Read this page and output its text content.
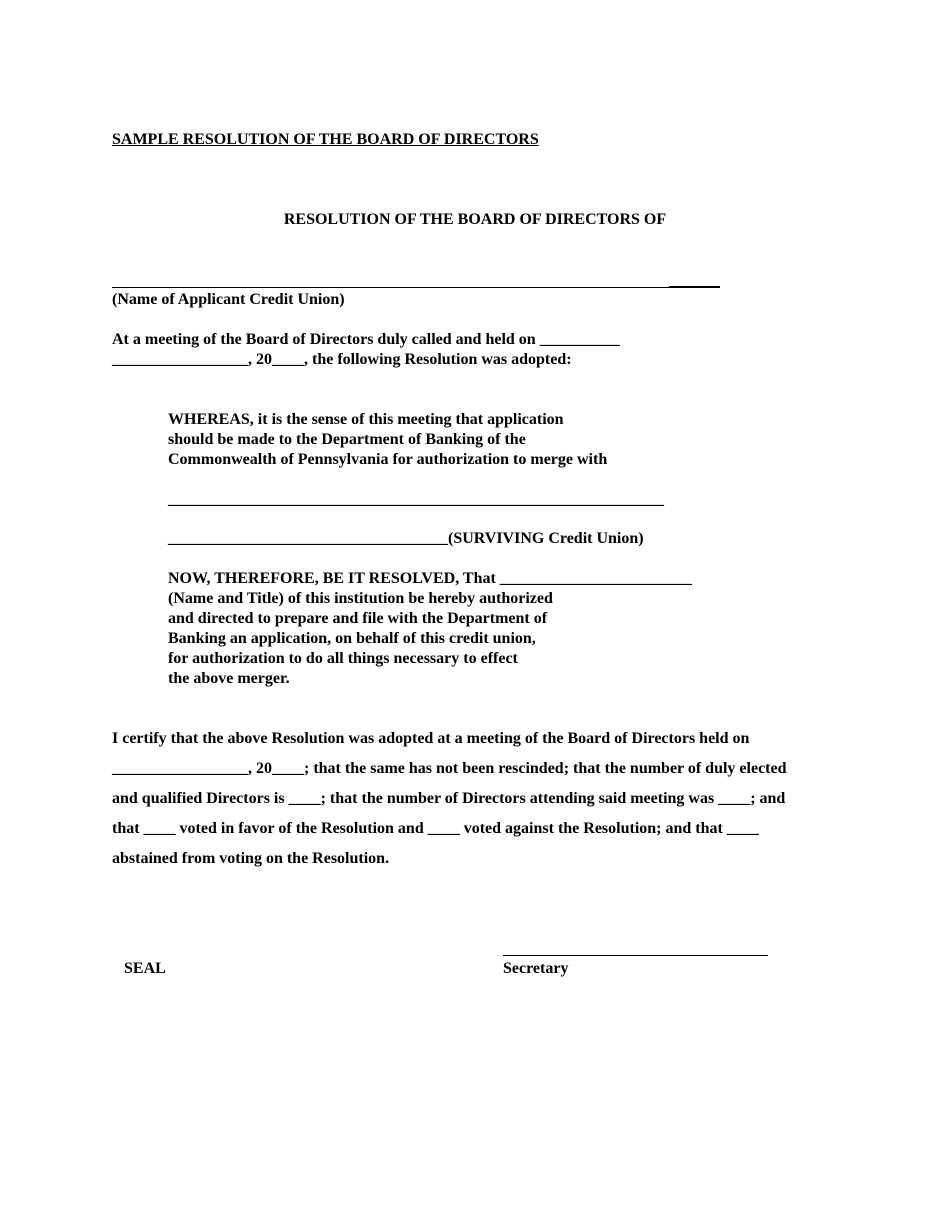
SAMPLE RESOLUTION OF THE BOARD OF DIRECTORS
RESOLUTION OF THE BOARD OF DIRECTORS OF
(Name of Applicant Credit Union)
At a meeting of the Board of Directors duly called and held on __________
_________________, 20____, the following Resolution was adopted:
WHEREAS, it is the sense of this meeting that application
should be made to the Department of Banking of the
Commonwealth of Pennsylvania for authorization to merge with
______________________________________________________________
___________________________________(SURVIVING Credit Union)
NOW, THEREFORE, BE IT RESOLVED, That ________________________
(Name and Title) of this institution be hereby authorized
and directed to prepare and file with the Department of
Banking an application, on behalf of this credit union,
for authorization to do all things necessary to effect
the above merger.
I certify that the above Resolution was adopted at a meeting of the Board of Directors held on
_________________, 20____; that the same has not been rescinded; that the number of duly elected
and qualified Directors is ____; that the number of Directors attending said meeting was ____; and
that ____ voted in favor of the Resolution and ____ voted against the Resolution; and that ____
abstained from voting on the Resolution.
SEAL	Secretary
